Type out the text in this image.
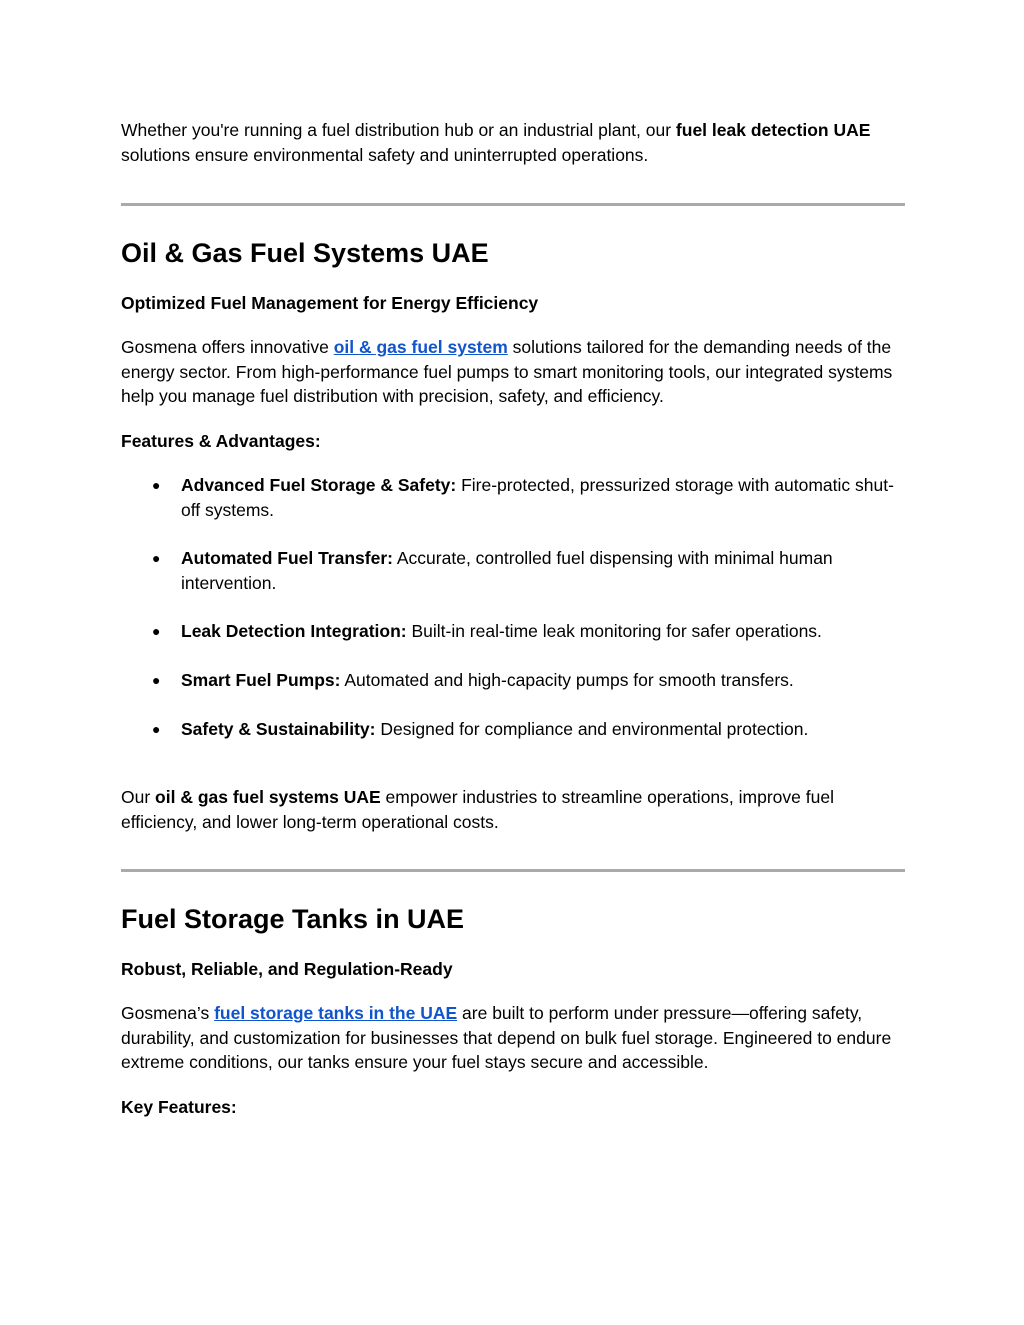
Whether you're running a fuel distribution hub or an industrial plant, our fuel leak detection UAE solutions ensure environmental safety and uninterrupted operations.

Oil & Gas Fuel Systems UAE
Optimized Fuel Management for Energy Efficiency

Gosmena offers innovative oil & gas fuel system solutions tailored for the demanding needs of the energy sector. From high-performance fuel pumps to smart monitoring tools, our integrated systems help you manage fuel distribution with precision, safety, and efficiency.

Features & Advantages:
● Advanced Fuel Storage & Safety: Fire-protected, pressurized storage with automatic shut-off systems.
● Automated Fuel Transfer: Accurate, controlled fuel dispensing with minimal human intervention.
● Leak Detection Integration: Built-in real-time leak monitoring for safer operations.
● Smart Fuel Pumps: Automated and high-capacity pumps for smooth transfers.
● Safety & Sustainability: Designed for compliance and environmental protection.

Our oil & gas fuel systems UAE empower industries to streamline operations, improve fuel efficiency, and lower long-term operational costs.

Fuel Storage Tanks in UAE
Robust, Reliable, and Regulation-Ready

Gosmena’s fuel storage tanks in the UAE are built to perform under pressure—offering safety, durability, and customization for businesses that depend on bulk fuel storage. Engineered to endure extreme conditions, our tanks ensure your fuel stays secure and accessible.

Key Features:
